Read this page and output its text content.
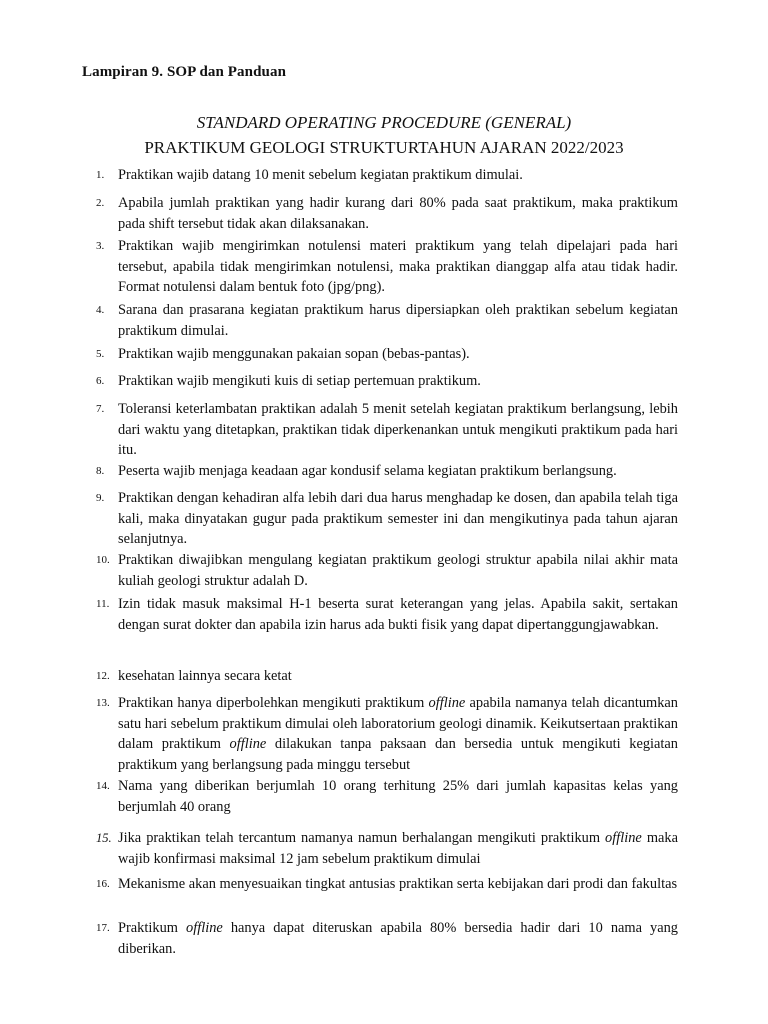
Lampiran 9. SOP dan Panduan
STANDARD OPERATING PROCEDURE (GENERAL)
PRAKTIKUM GEOLOGI STRUKTURTAHUN AJARAN 2022/2023
1. Praktikan wajib datang 10 menit sebelum kegiatan praktikum dimulai.
2. Apabila jumlah praktikan yang hadir kurang dari 80% pada saat praktikum, maka praktikum pada shift tersebut tidak akan dilaksanakan.
3. Praktikan wajib mengirimkan notulensi materi praktikum yang telah dipelajari pada hari tersebut, apabila tidak mengirimkan notulensi, maka praktikan dianggap alfa atau tidak hadir. Format notulensi dalam bentuk foto (jpg/png).
4. Sarana dan prasarana kegiatan praktikum harus dipersiapkan oleh praktikan sebelum kegiatan praktikum dimulai.
5. Praktikan wajib menggunakan pakaian sopan (bebas-pantas).
6. Praktikan wajib mengikuti kuis di setiap pertemuan praktikum.
7. Toleransi keterlambatan praktikan adalah 5 menit setelah kegiatan praktikum berlangsung, lebih dari waktu yang ditetapkan, praktikan tidak diperkenankan untuk mengikuti praktikum pada hari itu.
8. Peserta wajib menjaga keadaan agar kondusif selama kegiatan praktikum berlangsung.
9. Praktikan dengan kehadiran alfa lebih dari dua harus menghadap ke dosen, dan apabila telah tiga kali, maka dinyatakan gugur pada praktikum semester ini dan mengikutinya pada tahun ajaran selanjutnya.
10. Praktikan diwajibkan mengulang kegiatan praktikum geologi struktur apabila nilai akhir mata kuliah geologi struktur adalah D.
11. Izin tidak masuk maksimal H-1 beserta surat keterangan yang jelas. Apabila sakit, sertakan dengan surat dokter dan apabila izin harus ada bukti fisik yang dapat dipertanggungjawabkan.
12. kesehatan lainnya secara ketat
13. Praktikan hanya diperbolehkan mengikuti praktikum offline apabila namanya telah dicantumkan satu hari sebelum praktikum dimulai oleh laboratorium geologi dinamik. Keikutsertaan praktikan dalam praktikum offline dilakukan tanpa paksaan dan bersedia untuk mengikuti kegiatan praktikum yang berlangsung pada minggu tersebut
14. Nama yang diberikan berjumlah 10 orang terhitung 25% dari jumlah kapasitas kelas yang berjumlah 40 orang
15. Jika praktikan telah tercantum namanya namun berhalangan mengikuti praktikum offline maka wajib konfirmasi maksimal 12 jam sebelum praktikum dimulai
16. Mekanisme akan menyesuaikan tingkat antusias praktikan serta kebijakan dari prodi dan fakultas
17. Praktikum offline hanya dapat diteruskan apabila 80% bersedia hadir dari 10 nama yang diberikan.
